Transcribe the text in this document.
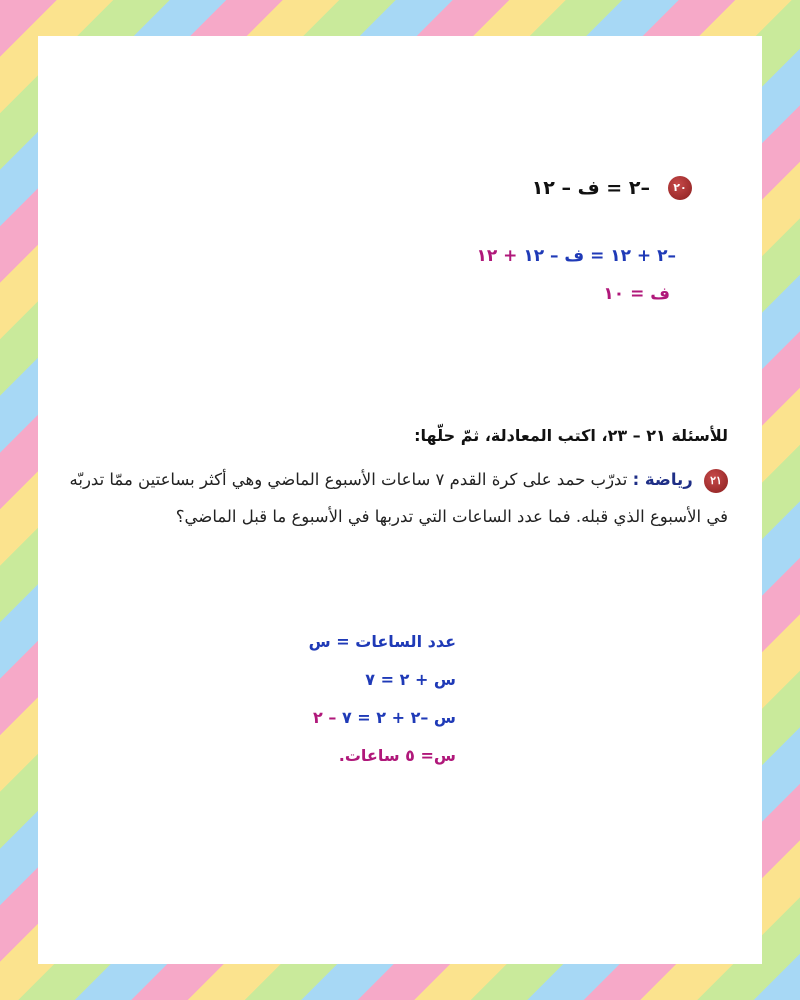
٢٠ –٢ = ف – ١٢
–٢ + ١٢ = ف – ١٢ + ١٢
ف = ١٠
للأسئلة ٢١ – ٢٣، اكتب المعادلة، ثمّ حلّها:
٢١ رياضة : تدرّب حمد على كرة القدم ٧ ساعات الأسبوع الماضي وهي أكثر بساعتين ممّا تدربّه في الأسبوع الذي قبله. فما عدد الساعات التي تدربها في الأسبوع ما قبل الماضي؟
عدد الساعات = س
س + ٢ = ٧
س –٢ + ٢ = ٧ – ٢
س= ٥ ساعات.
